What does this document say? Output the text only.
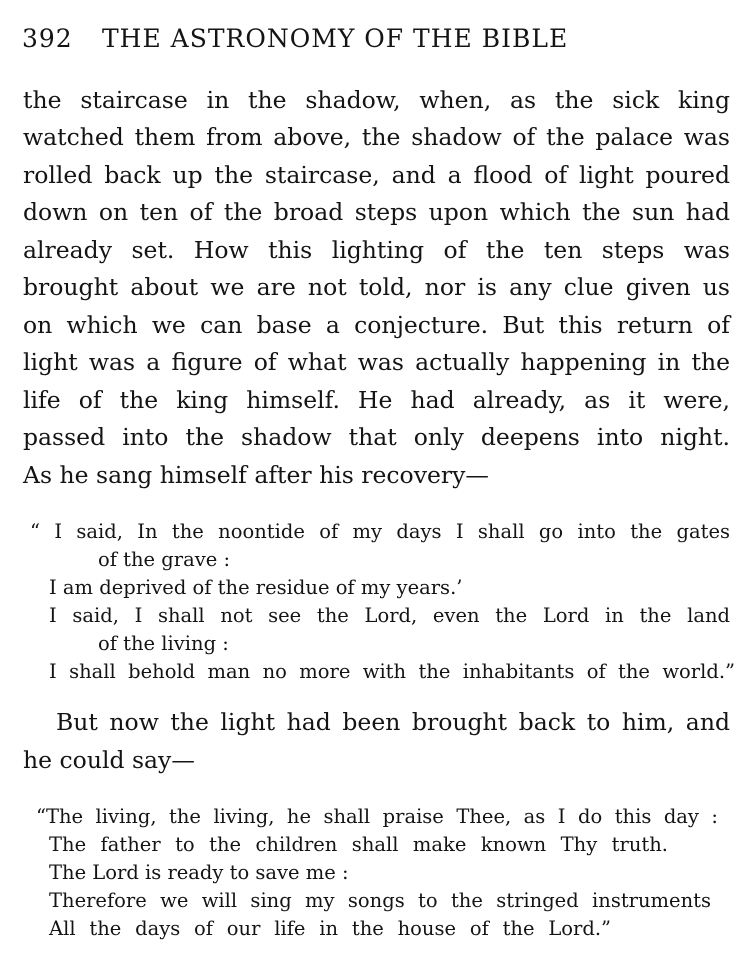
392 THE ASTRONOMY OF THE BIBLE
the staircase in the shadow, when, as the sick king
watched them from above, the shadow of the palace was
rolled back up the staircase, and a flood of light poured
down on ten of the broad steps upon which the sun had
already set. How this lighting of the ten steps was
brought about we are not told, nor is any clue given us
on which we can base a conjecture. But this return of
light was a figure of what was actually happening in the
life of the king himself. He had already, as it were,
passed into the shadow that only deepens into night.
As he sang himself after his recovery—
“ I said, In the noontide of my days I shall go into the gates
of the grave :
I am deprived of the residue of my years.’
I said, I shall not see the Lord, even the Lord in the land
of the living :
I shall behold man no more with the inhabitants of the world.”
But now the light had been brought back to him, and
he could say—
“The living, the living, he shall praise Thee, as I do this day :
The father to the children shall make known Thy truth.
The Lord is ready to save me :
Therefore we will sing my songs to the stringed instruments
All the days of our life in the house of the Lord.”
